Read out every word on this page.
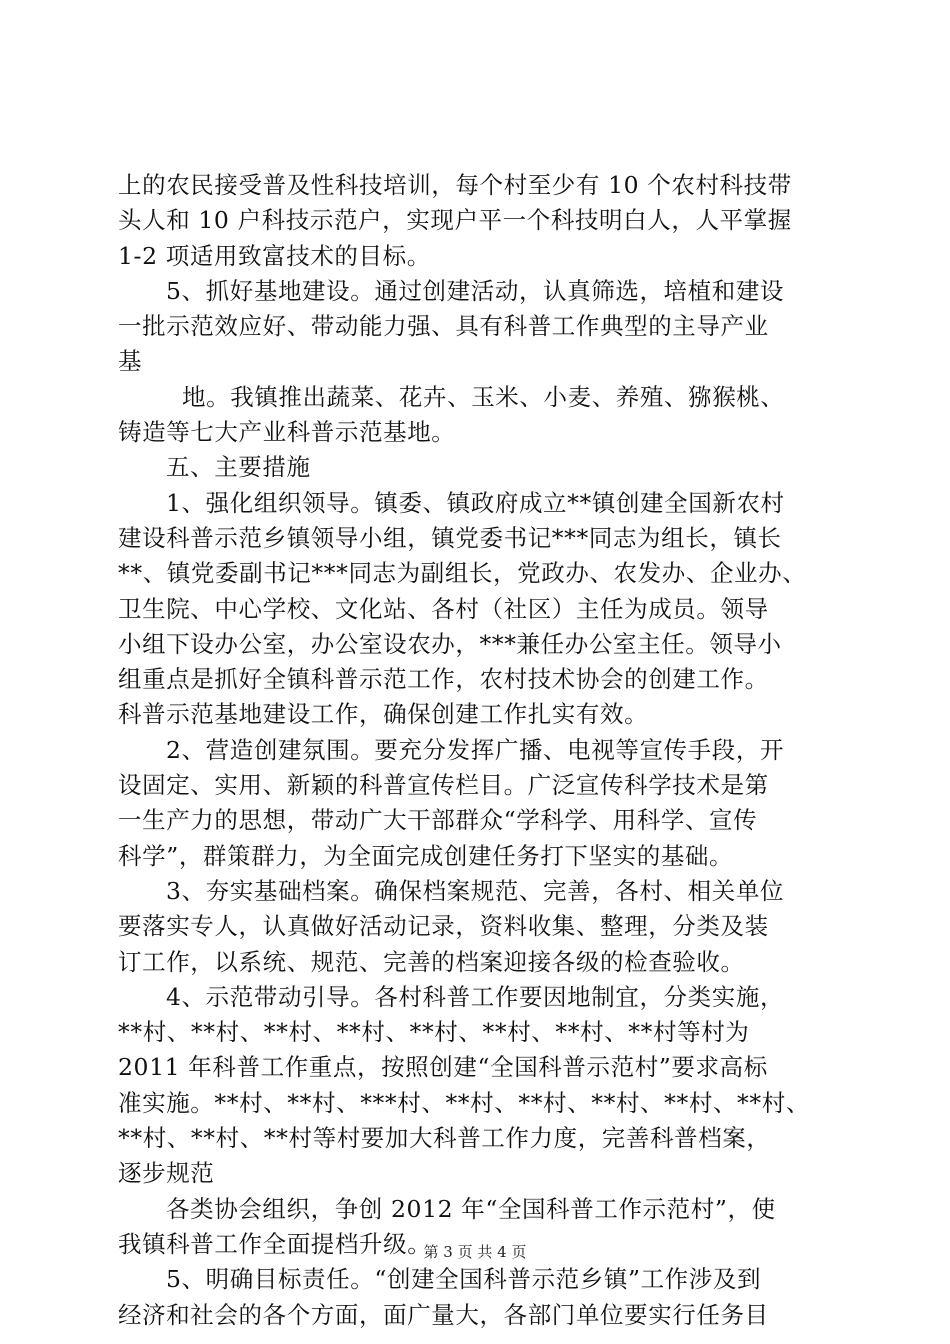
上的农民接受普及性科技培训，每个村至少有 10 个农村科技带
头人和 10 户科技示范户，实现户平一个科技明白人，人平掌握
1-2 项适用致富技术的目标。
5、抓好基地建设。通过创建活动，认真筛选，培植和建设
一批示范效应好、带动能力强、具有科普工作典型的主导产业
基
地。我镇推出蔬菜、花卉、玉米、小麦、养殖、猕猴桃、
铸造等七大产业科普示范基地。
五、主要措施
1、强化组织领导。镇委、镇政府成立**镇创建全国新农村
建设科普示范乡镇领导小组，镇党委书记***同志为组长，镇长
**、镇党委副书记***同志为副组长，党政办、农发办、企业办、
卫生院、中心学校、文化站、各村（社区）主任为成员。领导
小组下设办公室，办公室设农办，***兼任办公室主任。领导小
组重点是抓好全镇科普示范工作，农村技术协会的创建工作。
科普示范基地建设工作，确保创建工作扎实有效。
2、营造创建氛围。要充分发挥广播、电视等宣传手段，开
设固定、实用、新颖的科普宣传栏目。广泛宣传科学技术是第
一生产力的思想，带动广大干部群众“学科学、用科学、宣传
科学”，群策群力，为全面完成创建任务打下坚实的基础。
3、夯实基础档案。确保档案规范、完善，各村、相关单位
要落实专人，认真做好活动记录，资料收集、整理，分类及装
订工作，以系统、规范、完善的档案迎接各级的检查验收。
4、示范带动引导。各村科普工作要因地制宜，分类实施，
**村、**村、**村、**村、**村、**村、**村、**村等村为
2011 年科普工作重点，按照创建“全国科普示范村”要求高标
准实施。**村、**村、***村、**村、**村、**村、**村、**村、
**村、**村、**村等村要加大科普工作力度，完善科普档案，
逐步规范
各类协会组织，争创 2012 年“全国科普工作示范村”，使
我镇科普工作全面提档升级。
5、明确目标责任。“创建全国科普示范乡镇”工作涉及到
经济和社会的各个方面，面广量大，各部门单位要实行任务目
第 3 页 共 4 页
